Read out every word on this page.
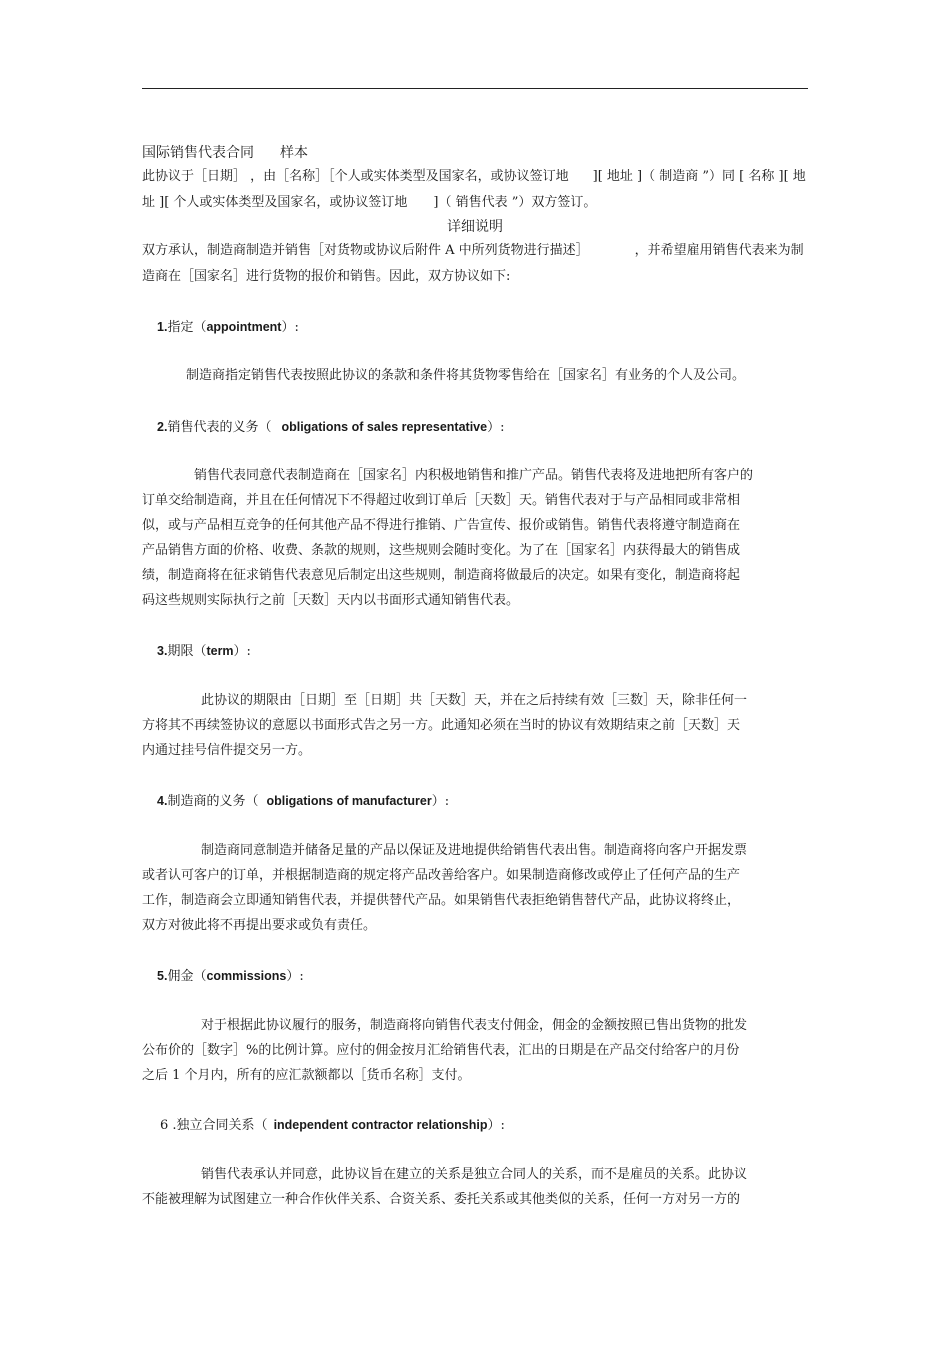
国际销售代表合同 样本
此协议于［日期］ ，由［名称］［个人或实体类型及国家名，或协议签订地 ][ 地址 ]（ 制造商 ”）同 [ 名称 ][ 地
址 ][ 个人或实体类型及国家名，或协议签订地 ]（ 销售代表 ”）双方签订。
详细说明
双方承认，制造商制造并销售［对货物或协议后附件 A 中所列货物进行描述］	，并希望雇用销售代表来为制
造商在［国家名］进行货物的报价和销售。因此，双方协议如下:
1.指定（appointment）:
制造商指定销售代表按照此协议的条款和条件将其货物零售给在［国家名］有业务的个人及公司。
2.销售代表的义务（ obligations of sales representative）:
销售代表同意代表制造商在［国家名］内积极地销售和推广产品。销售代表将及进地把所有客户的
订单交给制造商，并且在任何情况下不得超过收到订单后［天数］天。销售代表对于与产品相同或非常相
似，或与产品相互竞争的任何其他产品不得进行推销、广告宣传、报价或销售。销售代表将遵守制造商在
产品销售方面的价格、收费、条款的规则，这些规则会随时变化。为了在［国家名］内获得最大的销售成
绩，制造商将在征求销售代表意见后制定出这些规则，制造商将做最后的决定。如果有变化，制造商将起
码这些规则实际执行之前［天数］天内以书面形式通知销售代表。
3.期限（term）:
此协议的期限由［日期］至［日期］共［天数］天，并在之后持续有效［三数］天，除非任何一
方将其不再续签协议的意愿以书面形式告之另一方。此通知必须在当时的协议有效期结束之前［天数］天
内通过挂号信件提交另一方。
4.制造商的义务（ obligations of manufacturer）:
制造商同意制造并储备足量的产品以保证及进地提供给销售代表出售。制造商将向客户开据发票
或者认可客户的订单，并根据制造商的规定将产品改善给客户。如果制造商修改或停止了任何产品的生产
工作，制造商会立即通知销售代表，并提供替代产品。如果销售代表拒绝销售替代产品，此协议将终止，
双方对彼此将不再提出要求或负有责任。
5.佣金（commissions）:
对于根据此协议履行的服务，制造商将向销售代表支付佣金，佣金的金额按照已售出货物的批发
公布价的［数字］%的比例计算。应付的佣金按月汇给销售代表，汇出的日期是在产品交付给客户的月份
之后 1 个月内，所有的应汇款额都以［货币名称］支付。
6 .独立合同关系（ independent contractor relationship）:
销售代表承认并同意，此协议旨在建立的关系是独立合同人的关系，而不是雇员的关系。此协议
不能被理解为试图建立一种合作伙伴关系、合资关系、委托关系或其他类似的关系，任何一方对另一方的
